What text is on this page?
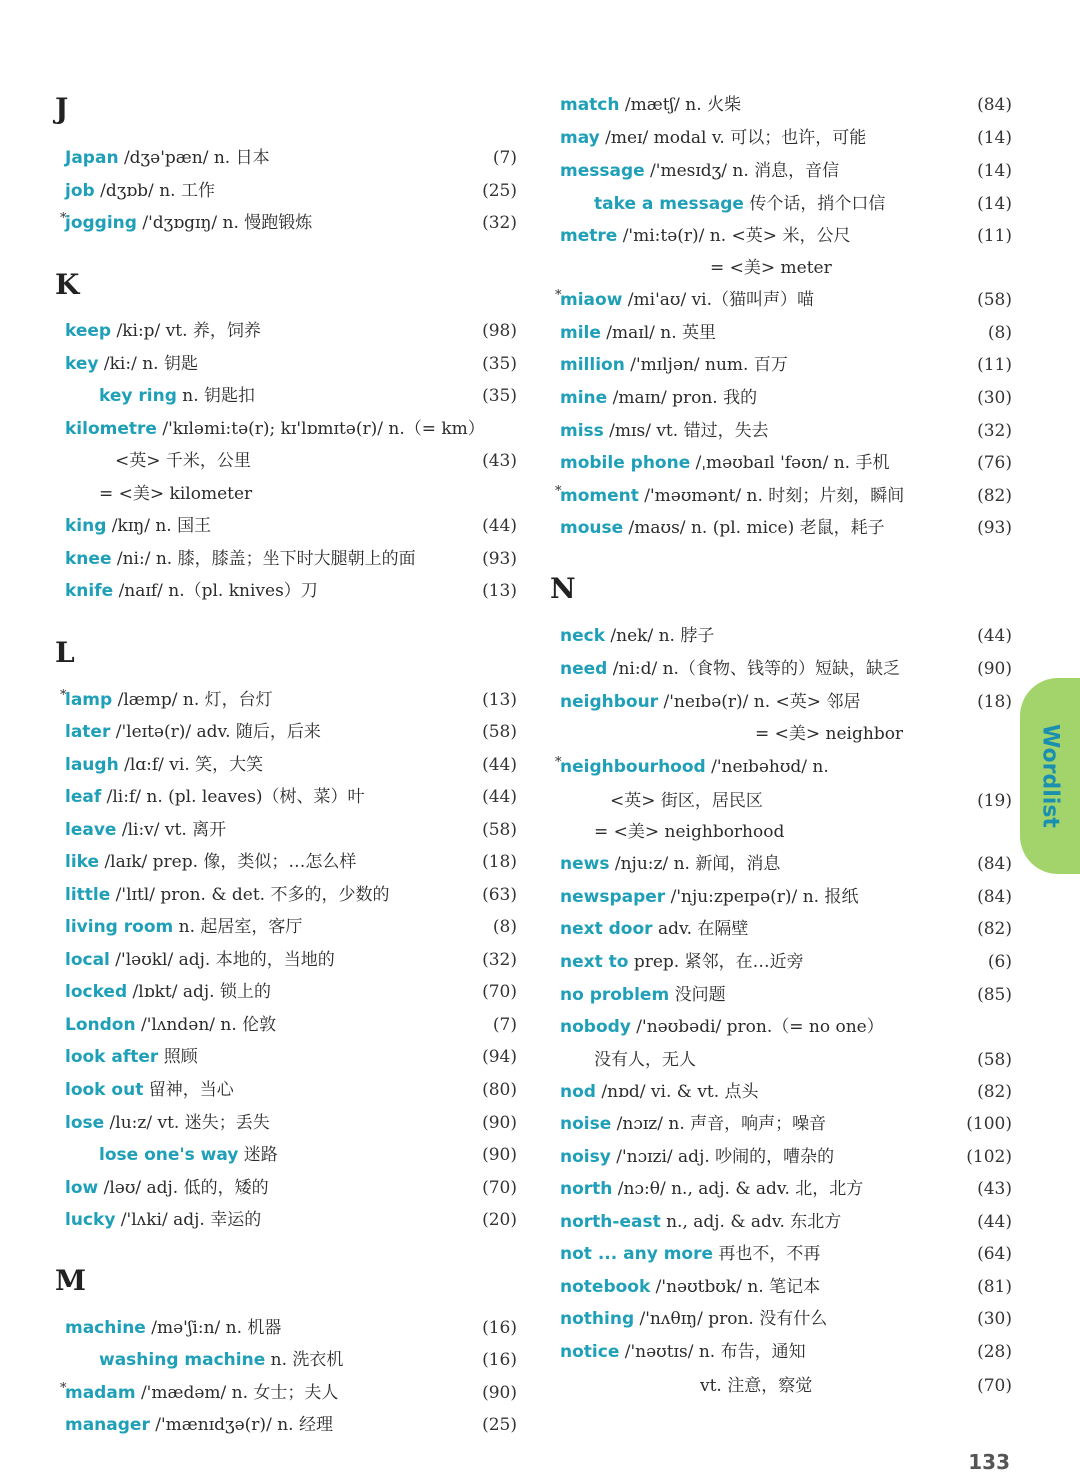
J
Japan /dʒə'pæn/ n. 日本	(7)
job /dʒɒb/ n. 工作	(25)
*
jogging /'dʒɒgɪŋ/ n. 慢跑锻炼	(32)
K
keep /ki:p/ vt. 养，饲养	(98)
key /ki:/ n. 钥匙	(35)
key ring n. 钥匙扣	(35)
kilometre /'kɪləmi:tə(r); kɪ'lɒmɪtə(r)/ n.（= km）
<英> 千米，公里	(43)
= <美> kilometer
king /kɪŋ/ n. 国王	(44)
knee /ni:/ n. 膝，膝盖；坐下时大腿朝上的面	(93)
knife /naɪf/ n.（pl. knives）刀	(13)
L
*
lamp /læmp/ n. 灯，台灯	(13)
later /'leɪtə(r)/ adv. 随后，后来	(58)
laugh /lɑ:f/ vi. 笑，大笑	(44)
leaf /li:f/ n. (pl. leaves)（树、菜）叶	(44)
leave /li:v/ vt. 离开	(58)
like /laɪk/ prep. 像，类似；…怎么样	(18)
little /'lɪtl/ pron. & det. 不多的，少数的	(63)
living room n. 起居室，客厅	(8)
local /'ləʊkl/ adj. 本地的，当地的	(32)
locked /lɒkt/ adj. 锁上的	(70)
London /'lʌndən/ n. 伦敦	(7)
look after 照顾	(94)
look out 留神，当心	(80)
lose /lu:z/ vt. 迷失；丢失	(90)
lose one's way 迷路	(90)
low /ləʊ/ adj. 低的，矮的	(70)
lucky /'lʌki/ adj. 幸运的	(20)
M
machine /mə'ʃi:n/ n. 机器	(16)
washing machine n. 洗衣机	(16)
*
madam /'mædəm/ n. 女士；夫人	(90)
manager /'mænɪdʒə(r)/ n. 经理	(25)
match /mætʃ/ n. 火柴	(84)
may /meɪ/ modal v. 可以；也许，可能	(14)
message /'mesɪdʒ/ n. 消息，音信	(14)
take a message 传个话，捎个口信	(14)
metre /'mi:tə(r)/ n. <英> 米，公尺	(11)
= <美> meter
*
miaow /mi'aʊ/ vi.（猫叫声）喵	(58)
mile /maɪl/ n. 英里	(8)
million /'mɪljən/ num. 百万	(11)
mine /maɪn/ pron. 我的	(30)
miss /mɪs/ vt. 错过，失去	(32)
mobile phone /ˌməʊbaɪl 'fəʊn/ n. 手机	(76)
*
moment /'məʊmənt/ n. 时刻；片刻，瞬间	(82)
mouse /maʊs/ n. (pl. mice) 老鼠，耗子	(93)
N
neck /nek/ n. 脖子	(44)
need /ni:d/ n.（食物、钱等的）短缺，缺乏	(90)
neighbour /'neɪbə(r)/ n. <英> 邻居	(18)
= <美> neighbor
*
neighbourhood /'neɪbəhʊd/ n.
<英> 街区，居民区	(19)
= <美> neighborhood
news /nju:z/ n. 新闻，消息	(84)
newspaper /'nju:zpeɪpə(r)/ n. 报纸	(84)
next door adv. 在隔壁	(82)
next to prep. 紧邻，在…近旁	(6)
no problem 没问题	(85)
nobody /'nəʊbədi/ pron.（= no one）
没有人，无人	(58)
nod /nɒd/ vi. & vt. 点头	(82)
noise /nɔɪz/ n. 声音，响声；噪音	(100)
noisy /'nɔɪzi/ adj. 吵闹的，嘈杂的	(102)
north /nɔ:θ/ n., adj. & adv. 北，北方	(43)
north-east n., adj. & adv. 东北方	(44)
not ... any more 再也不，不再	(64)
notebook /'nəʊtbʊk/ n. 笔记本	(81)
nothing /'nʌθɪŋ/ pron. 没有什么	(30)
notice /'nəʊtɪs/ n. 布告，通知	(28)
vt. 注意，察觉	(70)
Wordlist
133
